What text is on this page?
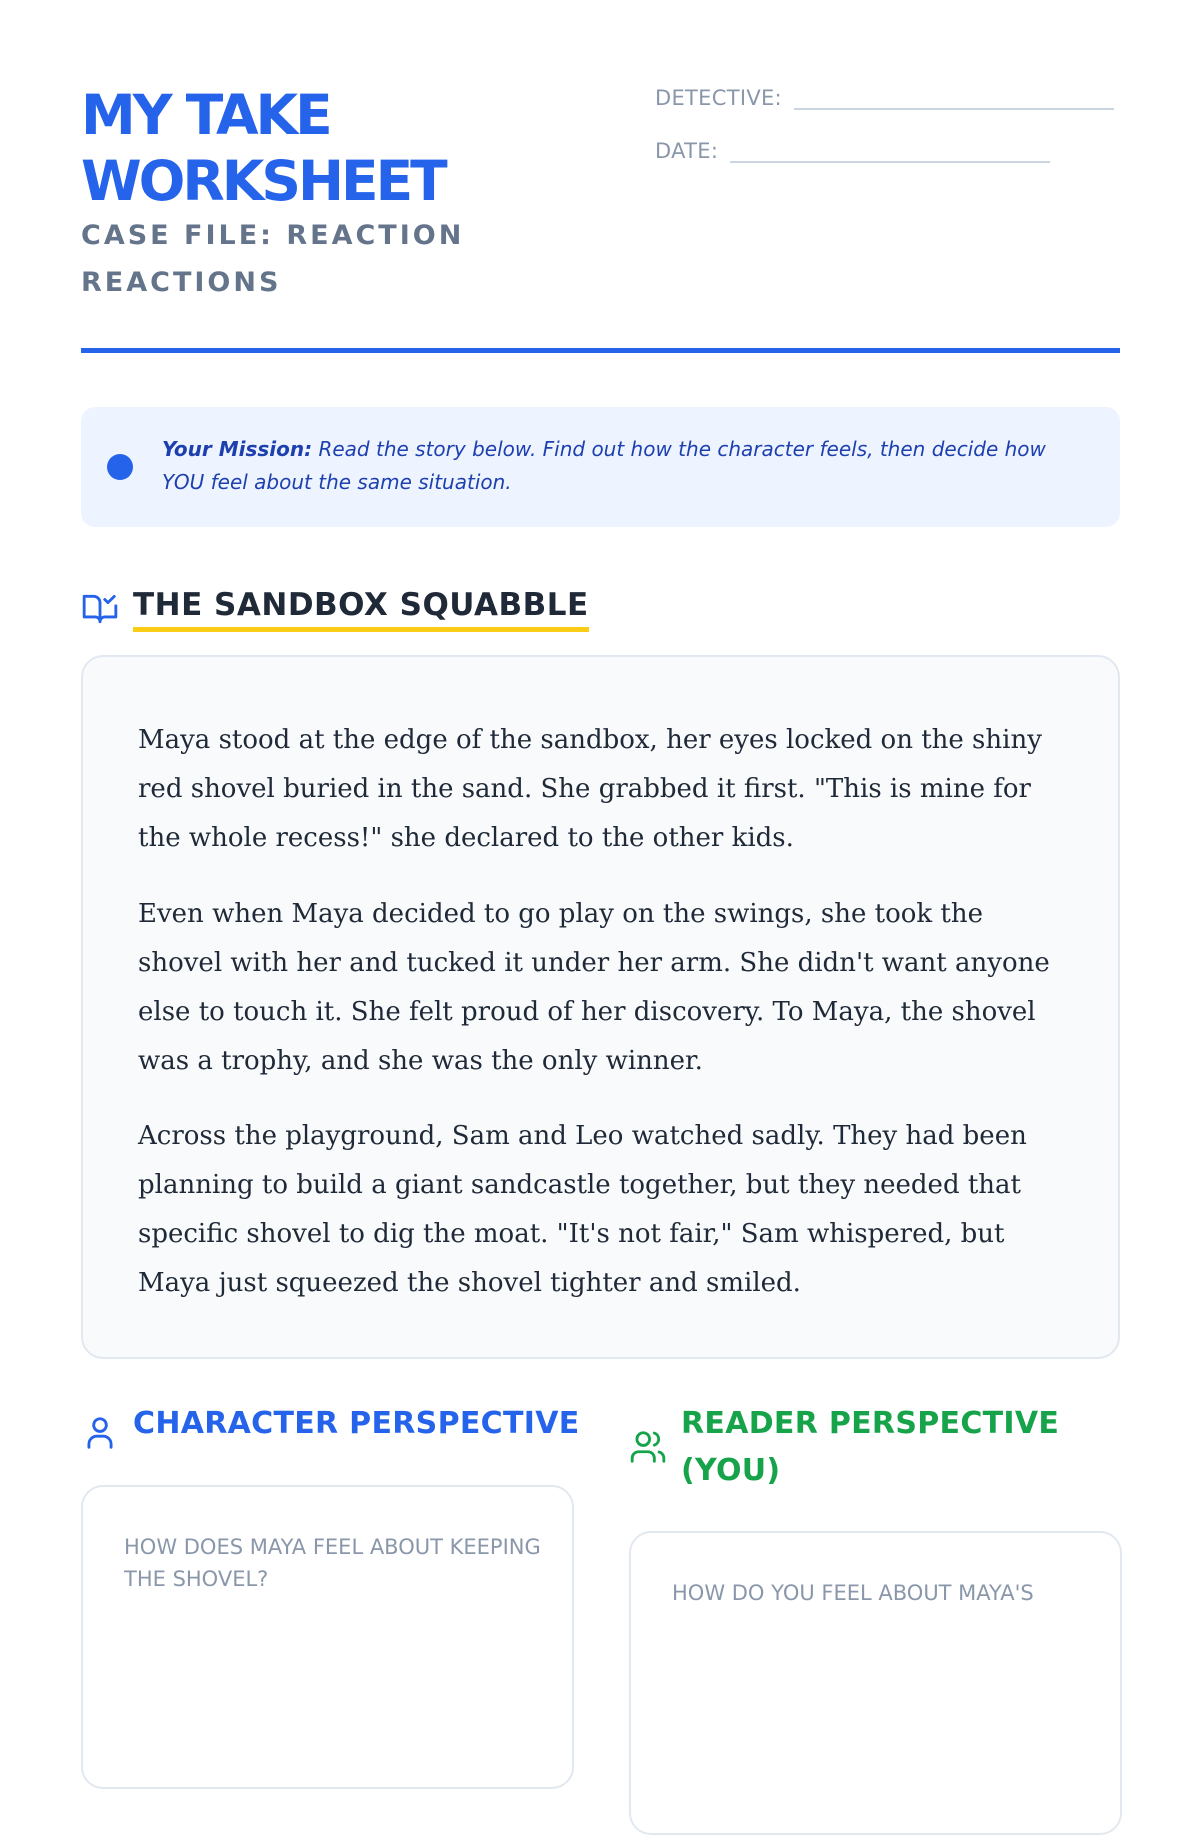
MY TAKE WORKSHEET
CASE FILE: REACTION REACTIONS
DETECTIVE:
DATE:
Your Mission: Read the story below. Find out how the character feels, then decide how YOU feel about the same situation.
THE SANDBOX SQUABBLE

Maya stood at the edge of the sandbox, her eyes locked on the shiny red shovel buried in the sand. She grabbed it first. "This is mine for the whole recess!" she declared to the other kids.

Even when Maya decided to go play on the swings, she took the shovel with her and tucked it under her arm. She didn't want anyone else to touch it. She felt proud of her discovery. To Maya, the shovel was a trophy, and she was the only winner.

Across the playground, Sam and Leo watched sadly. They had been planning to build a giant sandcastle together, but they needed that specific shovel to dig the moat. "It's not fair," Sam whispered, but Maya just squeezed the shovel tighter and smiled.

CHARACTER PERSPECTIVE
HOW DOES MAYA FEEL ABOUT KEEPING THE SHOVEL?
READER PERSPECTIVE (YOU)
HOW DO YOU FEEL ABOUT MAYA'S
